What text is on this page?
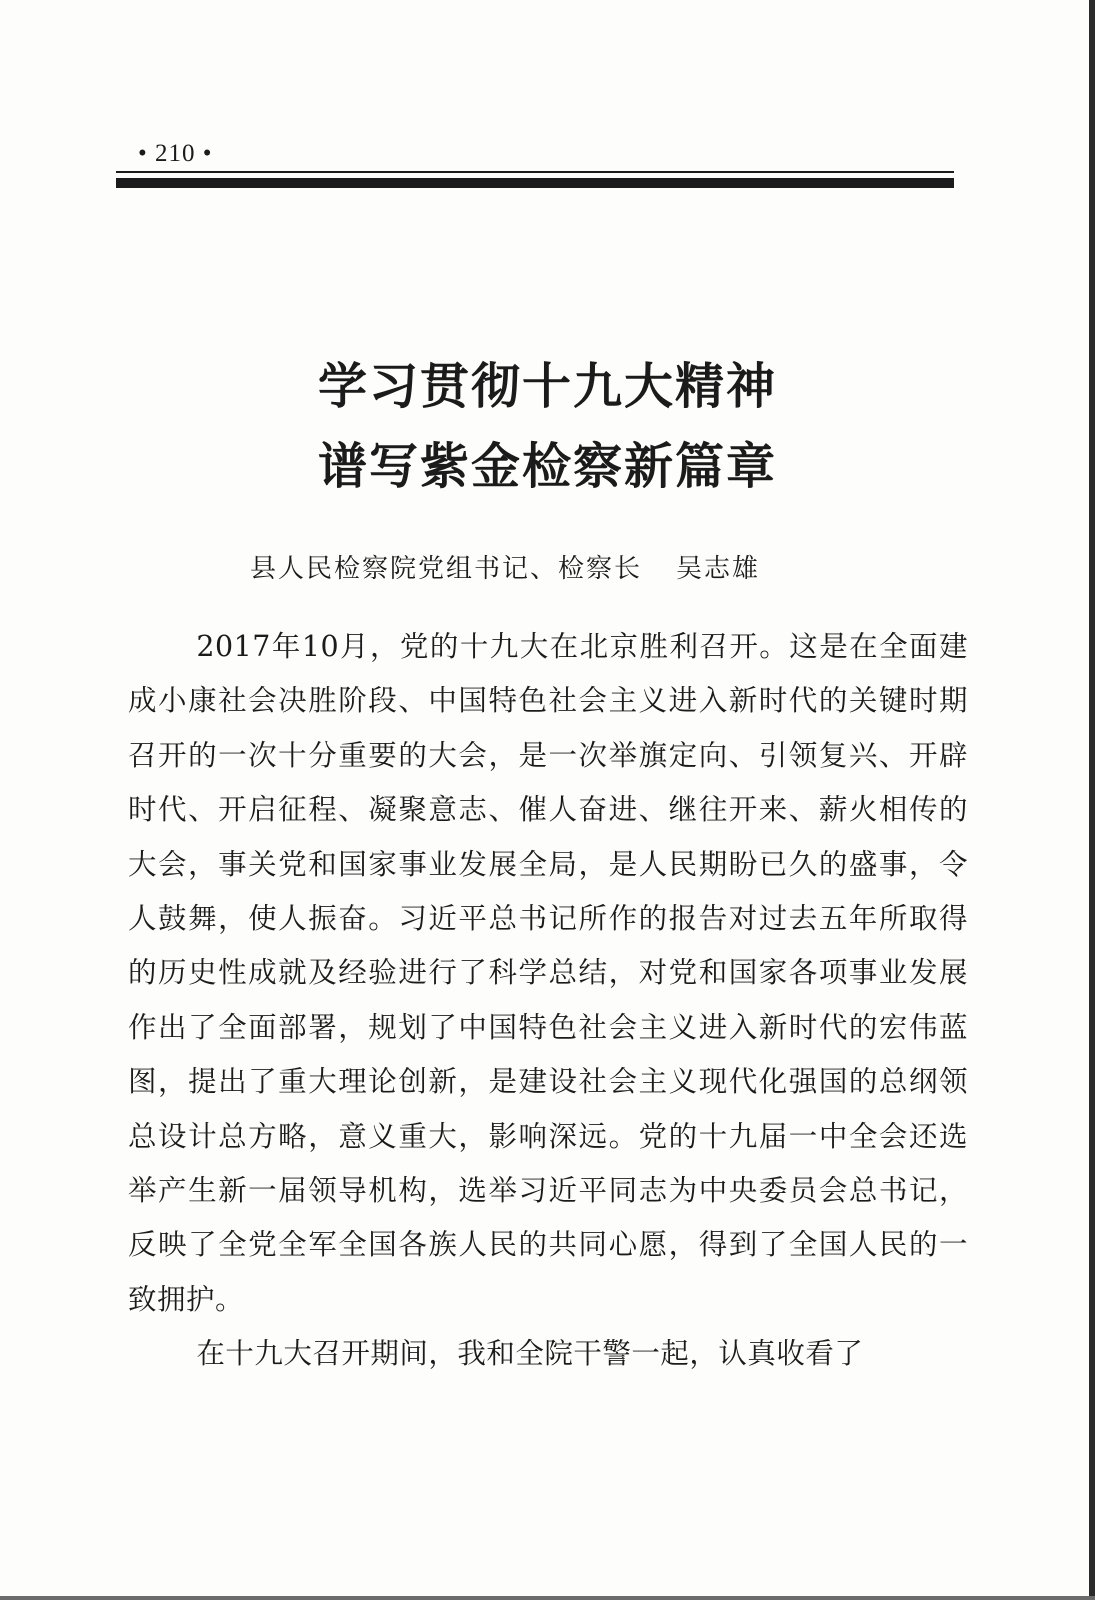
• 210 •
学习贯彻十九大精神
谱写紫金检察新篇章
县人民检察院党组书记、检察长 吴志雄

2017年10月，党的十九大在北京胜利召开。这是在全面建成小康社会决胜阶段、中国特色社会主义进入新时代的关键时期召开的一次十分重要的大会，是一次举旗定向、引领复兴、开辟时代、开启征程、凝聚意志、催人奋进、继往开来、薪火相传的大会，事关党和国家事业发展全局，是人民期盼已久的盛事，令人鼓舞，使人振奋。习近平总书记所作的报告对过去五年所取得的历史性成就及经验进行了科学总结，对党和国家各项事业发展作出了全面部署，规划了中国特色社会主义进入新时代的宏伟蓝图，提出了重大理论创新，是建设社会主义现代化强国的总纲领总设计总方略，意义重大，影响深远。党的十九届一中全会还选举产生新一届领导机构，选举习近平同志为中央委员会总书记，反映了全党全军全国各族人民的共同心愿，得到了全国人民的一致拥护。

在十九大召开期间，我和全院干警一起，认真收看了
